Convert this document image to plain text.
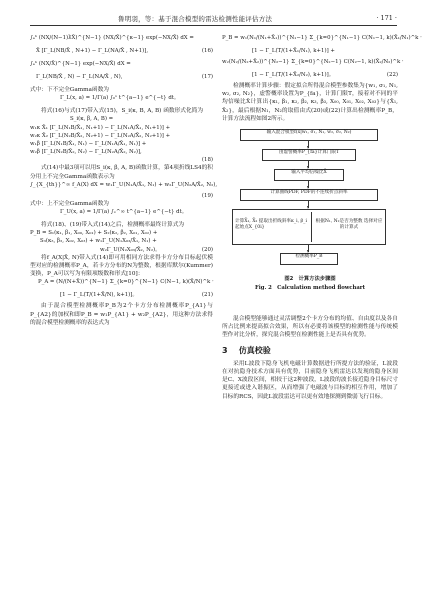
鲁明羽，等：基于混合模型的雷达检测性能评估方法	· 171 ·
∫ₐᵇ (NX/(N−1)λ̄X̄)^{N−1} (NX/X̄)^{κ−1} exp(−NX/X̄) dX =
X̄ [Γ_L(NB/X̄ , N+1) − Γ_L(NA/X̄ , N+1)],	(16)
∫ₐᵇ (NX/X̄)^{N−1} exp(−NX/X̄) dX =
Γ_L(NB/X̄ , N) − Γ_L(NA/X̄ , N),	(17)
式中：下不完全Gamma函数为
Γ_L(x, a) = 1/Γ(a) ∫₀ˣ t^{a−1} e^{−t} dt。
将式(16)与式(17)带入式(15)，S_i(κ, B, A, B) 函数形式化简为
S_i(κ, β, A, B) =
w₁κ X̄₁ [Γ_L(N₁B/X̄₁, N₁+1) − Γ_L(N₁A/X̄₁, N₁+1)] +
w₂κ X̄₂ [Γ_L(N₂B/X̄₂, N₂+1) − Γ_L(N₂A/X̄₂, N₂+1)] +
w₁β [Γ_L(N₁B/X̄₁, N₁) − Γ_L(N₁A/X̄₁, N₁)] +
w₂β [Γ_L(N₂B/X̄₂, N₂) − Γ_L(N₂A/X̄₂, N₂)],
(18)
式(14)中最3项可以用S_i(κ, β, A, B)函数计算，第4项折线LS4的积分用上不完全Gamma函数表示为
∫_{X_{th}}^∞ f_A(X) dX = w₁Γ_U(N₁A/X̄₁, N₁) + w₂Γ_U(N₂A/X̄₂, N₂),
(19)
式中：上不完全Gamma函数为
Γ_U(x, a) = 1/Γ(a) ∫ₓ^∞ t^{a−1} e^{−t} dt。
将式(18)、(19)带入式(14)之后，检测概率最终计算式为
P_B = S₁(κ₁, β₁, X₀₀, X₀₁) + S₂(κ₂, β₂, X₀₁, X₀₂) +
S₃(κ₃, β₃, X₀₂, X₀₃) + w₁Γ_U(N₁X₀₃/X̄₁, N₁) +
w₂Γ_U(N₂X₀₃/X̄₂, N₂)。	(20)
将f_A(X|X̄, N)带入式(14)即可用相同方法求得卡方分布目标起伏模型对应的检测概率P_A，若卡方分布的N为整数，根据库默尔(Kummer)变换，P_A可以写为有限项级数和形式[10]：
P_A = (N/(N+X̄))^{N−1} Σ_{k=0}^{N−1} C(N−1, k)(X̄/N)^k ·
[1 − Γ_L(T/(1+X̄/N), k+1)]。	(21)
由于混合模型检测概率P_B为2个卡方分布检测概率P_{A1}与P_{A2}的加权和即P_B = w₁P_{A1} + w₂P_{A2}，用这种方法求得的混合模型检测概率的表达式为
P_B = w₁(N₁/(N₁+X̄₁))^{N₁−1} Σ_{k=0}^{N₁−1} C(N₁−1, k)(X̄₁/N₁)^k ·
[1 − Γ_L(T/(1+X̄₁/N₁), k+1)] +
w₂(N₂/(N₂+X̄₂))^{N₂−1} Σ_{k=0}^{N₂−1} C(N₂−1, k)(X̄₂/N₂)^k ·
[1 − Γ_L(T/(1+X̄₂/N₂), k+1)]。	(22)
检测概率计算步骤：假定拟合所得混合模型参数集为{w₁, σ₁, N₁, w₂, σ₂, N₂}，虚警概率设置为P_{fa}，计算门限T，接着对不同的平均信噪比X̄计算出{κ₁, β₁, κ₂, β₂, κ₃, β₃, X₀₀, X₀₁, X₀₂, X₀₃}与{X̄₁, X̄₂}，最后根据N₁，N₂的取值由式(20)或(22)计算出检测概率P_B，计算方法流程如图2所示。
输入混合模型f(x|w₁, σ₁, N₁, w₂, σ₂, N₂)
由虚警概率P_{fa}计算门限T
输入平均信噪比X̄
计算曲线PDF, PDF的不连续折点斜率
计算X̄₁, X̄₂ 提取出折线斜率κ_i, β_i 起始点X_{0i}
根据N₁, N₂是否为整数 选择对应的计算式
检测概率P_B
图2　计算方法步骤图
Fig. 2　Calculation method flowchart
混合模型能够通过灵活调整2个卡方分布的均值、自由度以及各自所占比例来提高拟合效果，所以有必要将该模型的检测性能与传统模型作对比分析，探究混合模型在检测性能上是否具有优势。
3 仿真校验
采用L波段下隐身飞机电磁计算数据进行所提方法的验证，L波段在对抗隐身技术方面具有优势，目前隐身飞机雷达以发现的隐身区间是C、X波段区间，相较于这2种波段，L波段的波长接近隐身目标尺寸更接近或进入谐振区，从而增强了电磁波与目标的相互作用，增加了目标的RCS，因此L波段雷达可以更有效地探测到微弱飞行目标。
